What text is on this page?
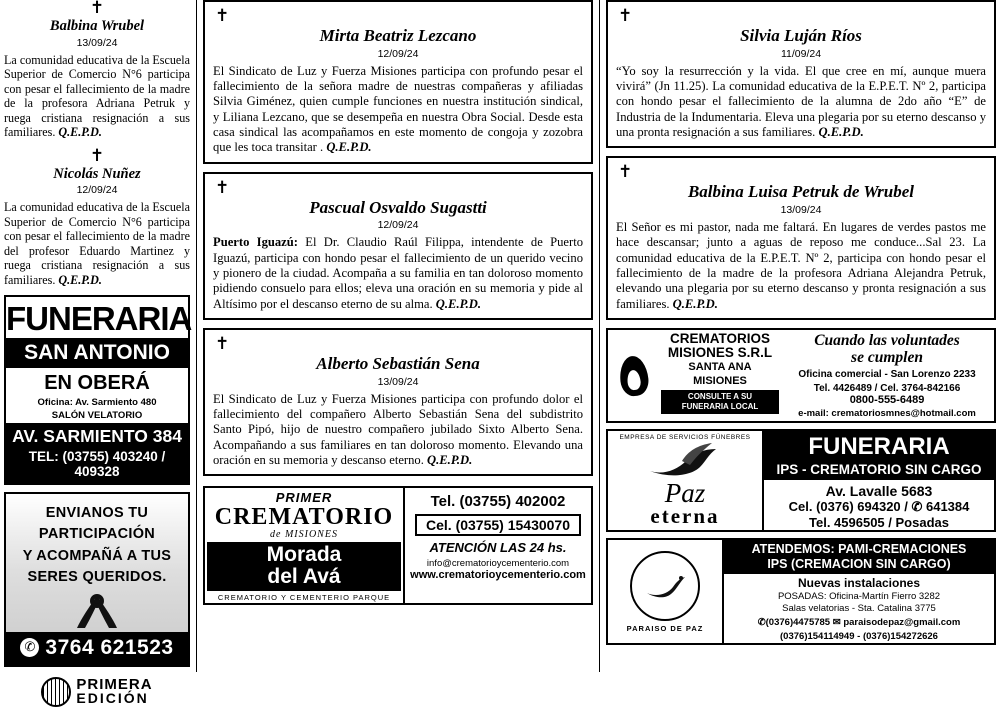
✝
Balbina Wrubel
13/09/24

La comunidad educativa de la Escuela Superior de Comercio N°6 participa con pesar el fallecimiento de la madre de la profesora Adriana Petruk y ruega cristiana resignación a sus familiares. Q.E.P.D.

✝
Nicolás Nuñez
12/09/24

La comunidad educativa de la Escuela Superior de Comercio N°6 participa con pesar el fallecimiento de la madre del profesor Eduardo Martinez y ruega cristiana resignación a sus familiares. Q.E.P.D.

FUNERARIA
SAN ANTONIO
EN OBERÁ
Oficina: Av. Sarmiento 480
SALÓN VELATORIO
AV. SARMIENTO 384
TEL: (03755) 403240 / 409328
ENVIANOS TU
PARTICIPACIÓN
Y ACOMPAÑÁ A TUS
SERES QUERIDOS.
✆ 3764 621523
PRIMERA
EDICIÓN
✝
Mirta Beatriz Lezcano
12/09/24

El Sindicato de Luz y Fuerza Misiones participa con profundo pesar el fallecimiento de la señora madre de nuestras compañeras y afiliadas Silvia Giménez, quien cumple funciones en nuestra institución sindical, y Liliana Lezcano, que se desempeña en nuestra Obra Social. Desde esta casa sindical las acompañamos en este momento de congoja y zozobra que les toca transitar . Q.E.P.D.

✝
Pascual Osvaldo Sugastti
12/09/24

Puerto Iguazú: El Dr. Claudio Raúl Filippa, intendente de Puerto Iguazú, participa con hondo pesar el fallecimiento de un querido vecino y pionero de la ciudad. Acompaña a su familia en tan doloroso momento pidiendo consuelo para ellos; eleva una oración en su memoria y pide al Altísimo por el descanso eterno de su alma. Q.E.P.D.

✝
Alberto Sebastián Sena
13/09/24

El Sindicato de Luz y Fuerza Misiones participa con profundo dolor el fallecimiento del compañero Alberto Sebastián Sena del subdistrito Santo Pipó, hijo de nuestro compañero jubilado Sixto Alberto Sena. Acompañando a sus familiares en tan doloroso momento. Elevando una oración en su memoria y descanso eterno. Q.E.P.D.

PRIMER
CREMATORIO
de MISIONES
Morada
del Avá
CREMATORIO Y CEMENTERIO PARQUE
Tel. (03755) 402002
Cel. (03755) 15430070
ATENCIÓN LAS 24 hs.
info@crematorioycementerio.com
www.crematorioycementerio.com
✝
Silvia Luján Ríos
11/09/24

“Yo soy la resurrección y la vida. El que cree en mí, aunque muera vivirá” (Jn 11.25). La comunidad educativa de la E.P.E.T. Nº 2, participa con hondo pesar el fallecimiento de la alumna de 2do año “E” de Industria de la Indumentaria. Eleva una plegaria por su eterno descanso y una pronta resignación a sus familiares. Q.E.P.D.

✝
Balbina Luisa Petruk de Wrubel
13/09/24

El Señor es mi pastor, nada me faltará. En lugares de verdes pastos me hace descansar; junto a aguas de reposo me conduce...Sal 23. La comunidad educativa de la E.P.E.T. Nº 2, participa con hondo pesar el fallecimiento de la madre de la profesora Adriana Alejandra Petruk, elevando una plegaria por su eterno descanso y pronta resignación a sus familiares. Q.E.P.D.

CREMATORIOS
MISIONES S.R.L
SANTA ANA
MISIONES
CONSULTE A SU
FUNERARIA LOCAL
Cuando las voluntades
se cumplen
Oficina comercial - San Lorenzo 2233
Tel. 4426489 / Cel. 3764-842166
0800-555-6489
e-mail: crematoriosmnes@hotmail.com
EMPRESA DE SERVICIOS FÚNEBRES
Paz
eterna
FUNERARIA
IPS - CREMATORIO SIN CARGO
Av. Lavalle 5683
Cel. (0376) 694320 / ✆ 641384
Tel. 4596505 / Posadas
PARAISO DE PAZ
ATENDEMOS: PAMI-CREMACIONES
IPS (CREMACION SIN CARGO)
Nuevas instalaciones
POSADAS: Oficina-Martín Fierro 3282
Salas velatorias - Sta. Catalina 3775
✆(0376)4475785 ✉ paraisodepaz@gmail.com
(0376)154114949 - (0376)154272626
